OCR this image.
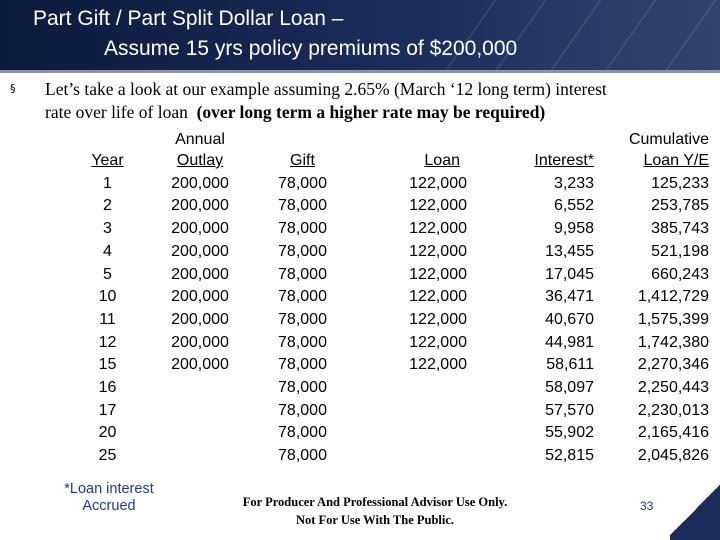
Part Gift / Part Split Dollar Loan –
Assume 15 yrs policy premiums of $200,000
§ Let’s take a look at our example assuming 2.65% (March ‘12 long term) interest
rate over life of loan (over long term a higher rate may be required)
	Annual				Cumulative
Year	Outlay	Gift	Loan	Interest*	Loan Y/E
1	200,000	78,000	122,000	3,233	125,233
2	200,000	78,000	122,000	6,552	253,785
3	200,000	78,000	122,000	9,958	385,743
4	200,000	78,000	122,000	13,455	521,198
5	200,000	78,000	122,000	17,045	660,243
10	200,000	78,000	122,000	36,471	1,412,729
11	200,000	78,000	122,000	40,670	1,575,399
12	200,000	78,000	122,000	44,981	1,742,380
15	200,000	78,000	122,000	58,611	2,270,346
16		78,000		58,097	2,250,443
17		78,000		57,570	2,230,013
20		78,000		55,902	2,165,416
25		78,000		52,815	2,045,826
*Loan interest
Accrued	For Producer And Professional Advisor Use Only.
Not For Use With The Public.
33
